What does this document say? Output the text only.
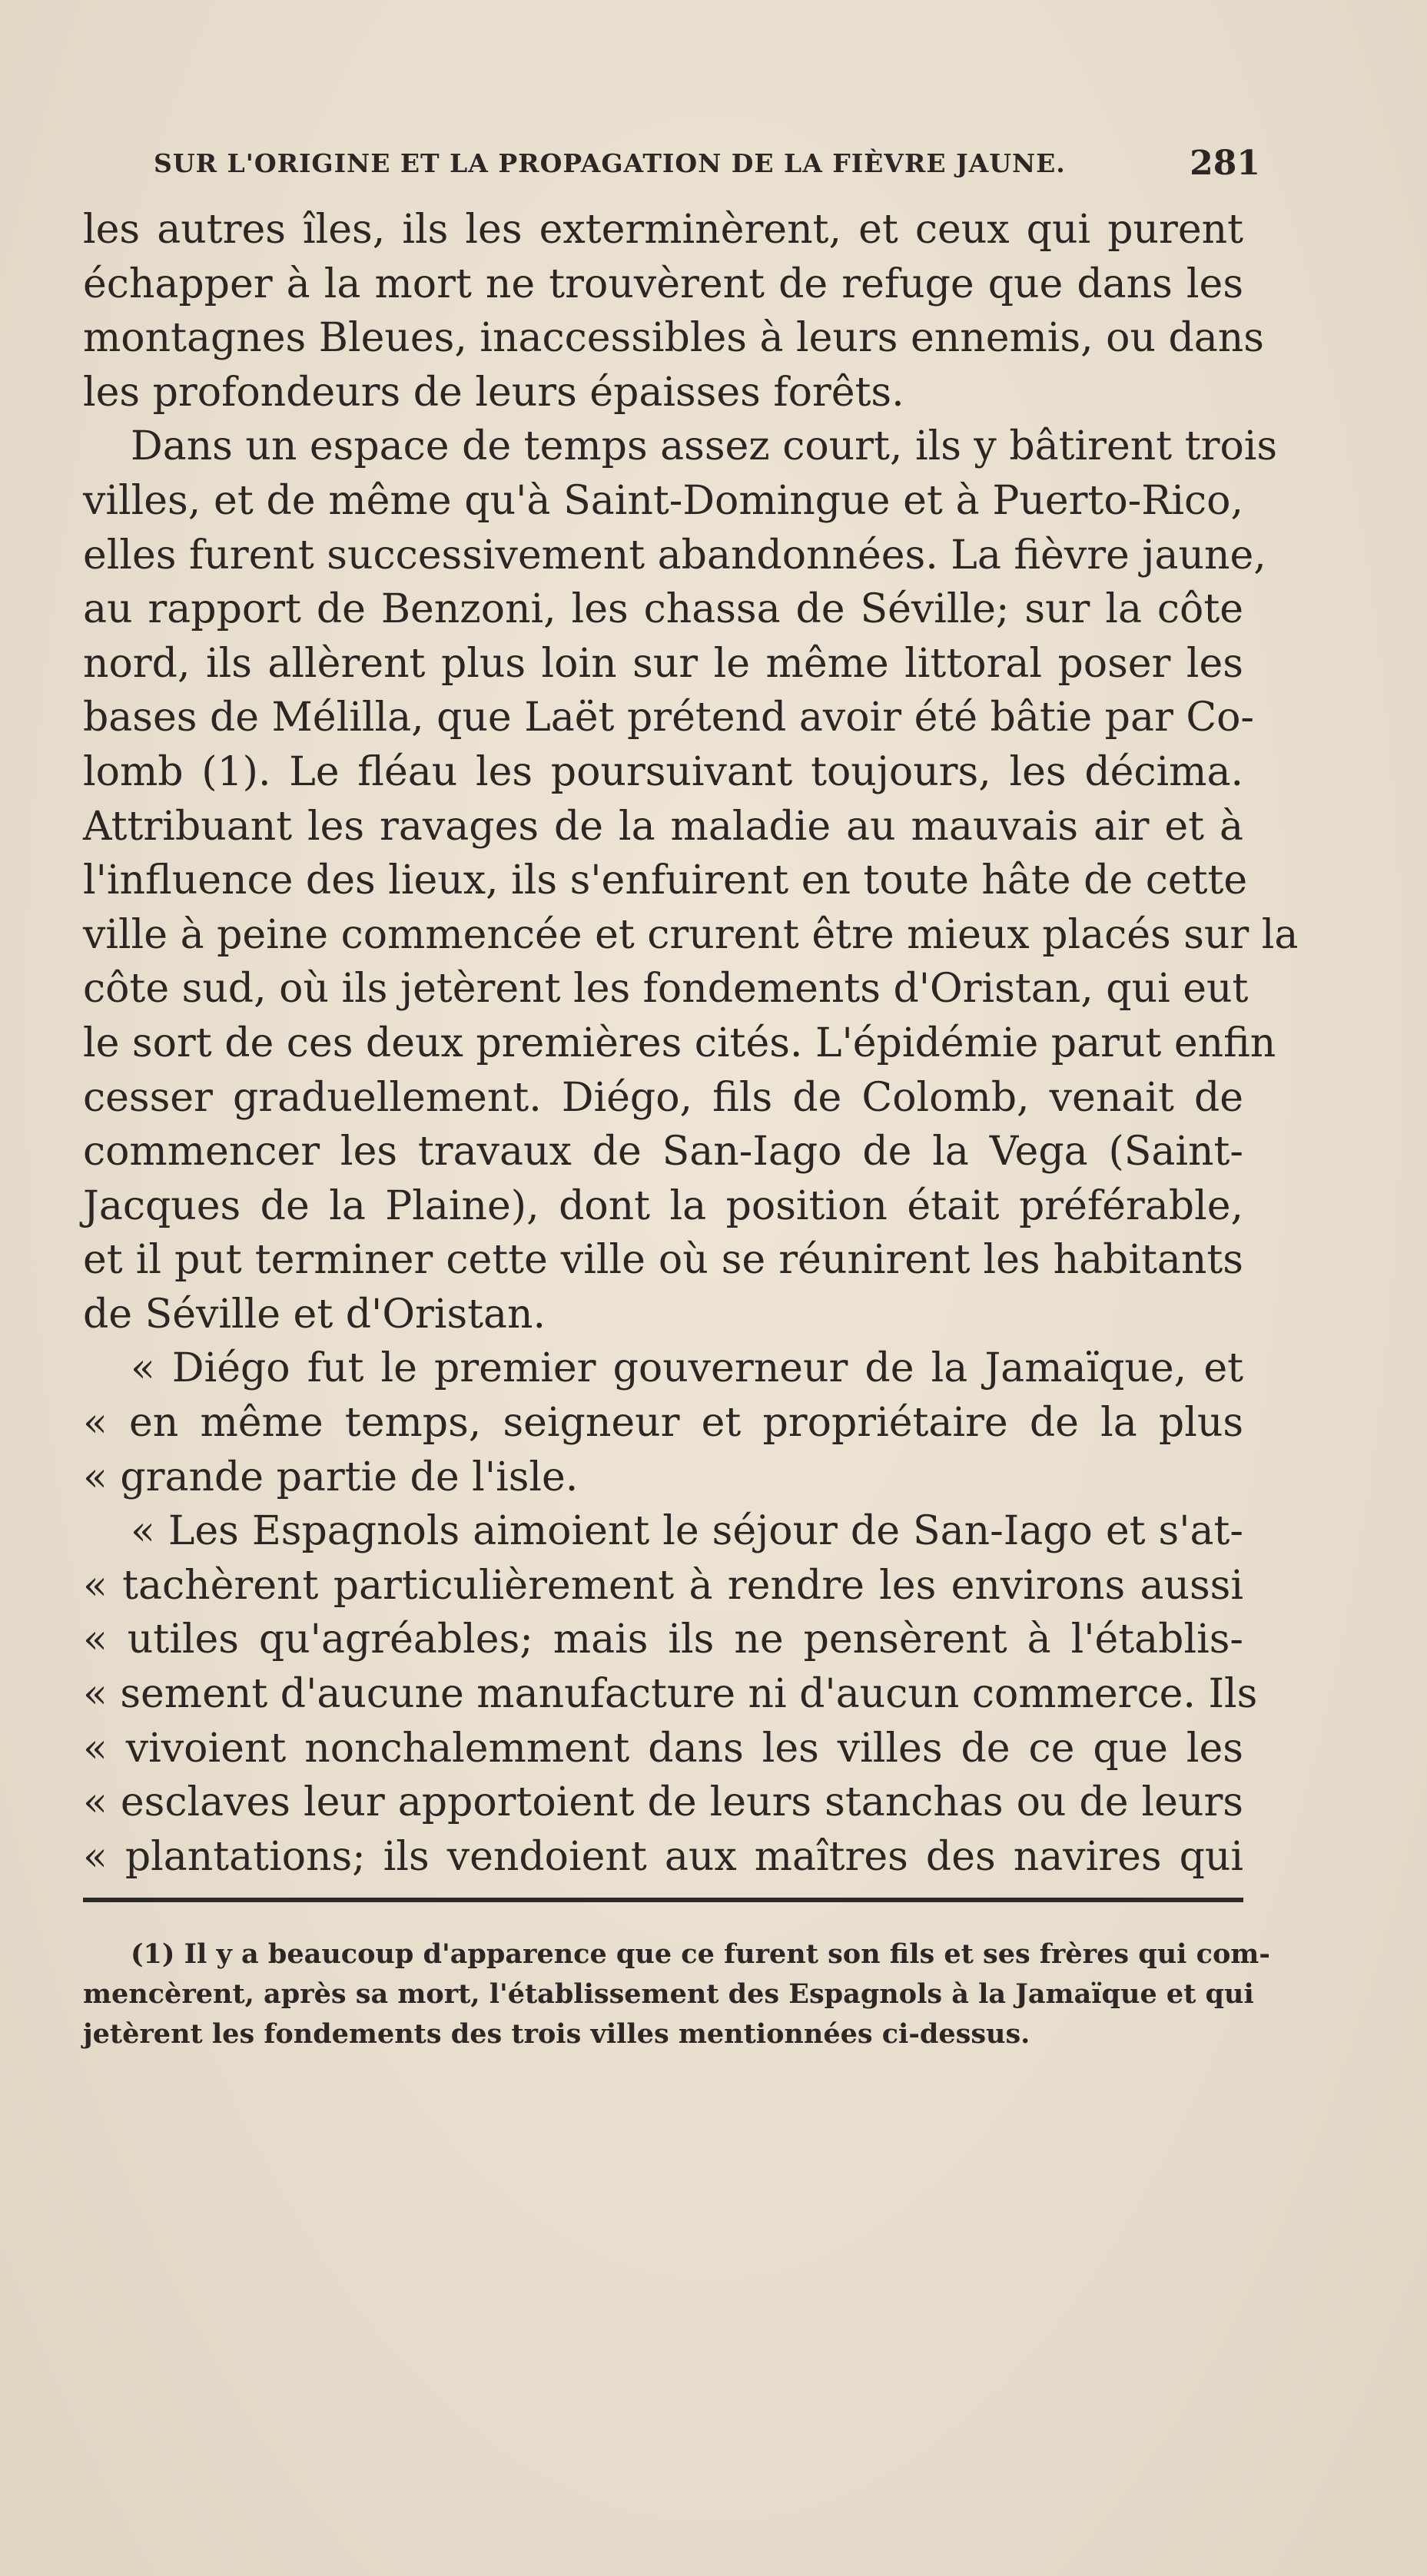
SUR L'ORIGINE ET LA PROPAGATION DE LA FIÈVRE JAUNE.	281
les autres îles, ils les exterminèrent, et ceux qui purent
échapper à la mort ne trouvèrent de refuge que dans les
montagnes Bleues, inaccessibles à leurs ennemis, ou dans
les profondeurs de leurs épaisses forêts.
Dans un espace de temps assez court, ils y bâtirent trois
villes, et de même qu'à Saint-Domingue et à Puerto-Rico,
elles furent successivement abandonnées. La fièvre jaune,
au rapport de Benzoni, les chassa de Séville; sur la côte
nord, ils allèrent plus loin sur le même littoral poser les
bases de Mélilla, que Laët prétend avoir été bâtie par Co-
lomb (1). Le fléau les poursuivant toujours, les décima.
Attribuant les ravages de la maladie au mauvais air et à
l'influence des lieux, ils s'enfuirent en toute hâte de cette
ville à peine commencée et crurent être mieux placés sur la
côte sud, où ils jetèrent les fondements d'Oristan, qui eut
le sort de ces deux premières cités. L'épidémie parut enfin
cesser graduellement. Diégo, fils de Colomb, venait de
commencer les travaux de San-Iago de la Vega (Saint-
Jacques de la Plaine), dont la position était préférable,
et il put terminer cette ville où se réunirent les habitants
de Séville et d'Oristan.
« Diégo fut le premier gouverneur de la Jamaïque, et
« en même temps, seigneur et propriétaire de la plus
« grande partie de l'isle.
« Les Espagnols aimoient le séjour de San-Iago et s'at-
« tachèrent particulièrement à rendre les environs aussi
« utiles qu'agréables; mais ils ne pensèrent à l'établis-
« sement d'aucune manufacture ni d'aucun commerce. Ils
« vivoient nonchalemment dans les villes de ce que les
« esclaves leur apportoient de leurs stanchas ou de leurs
« plantations; ils vendoient aux maîtres des navires qui
(1) Il y a beaucoup d'apparence que ce furent son fils et ses frères qui com-
mencèrent, après sa mort, l'établissement des Espagnols à la Jamaïque et qui
jetèrent les fondements des trois villes mentionnées ci-dessus.
